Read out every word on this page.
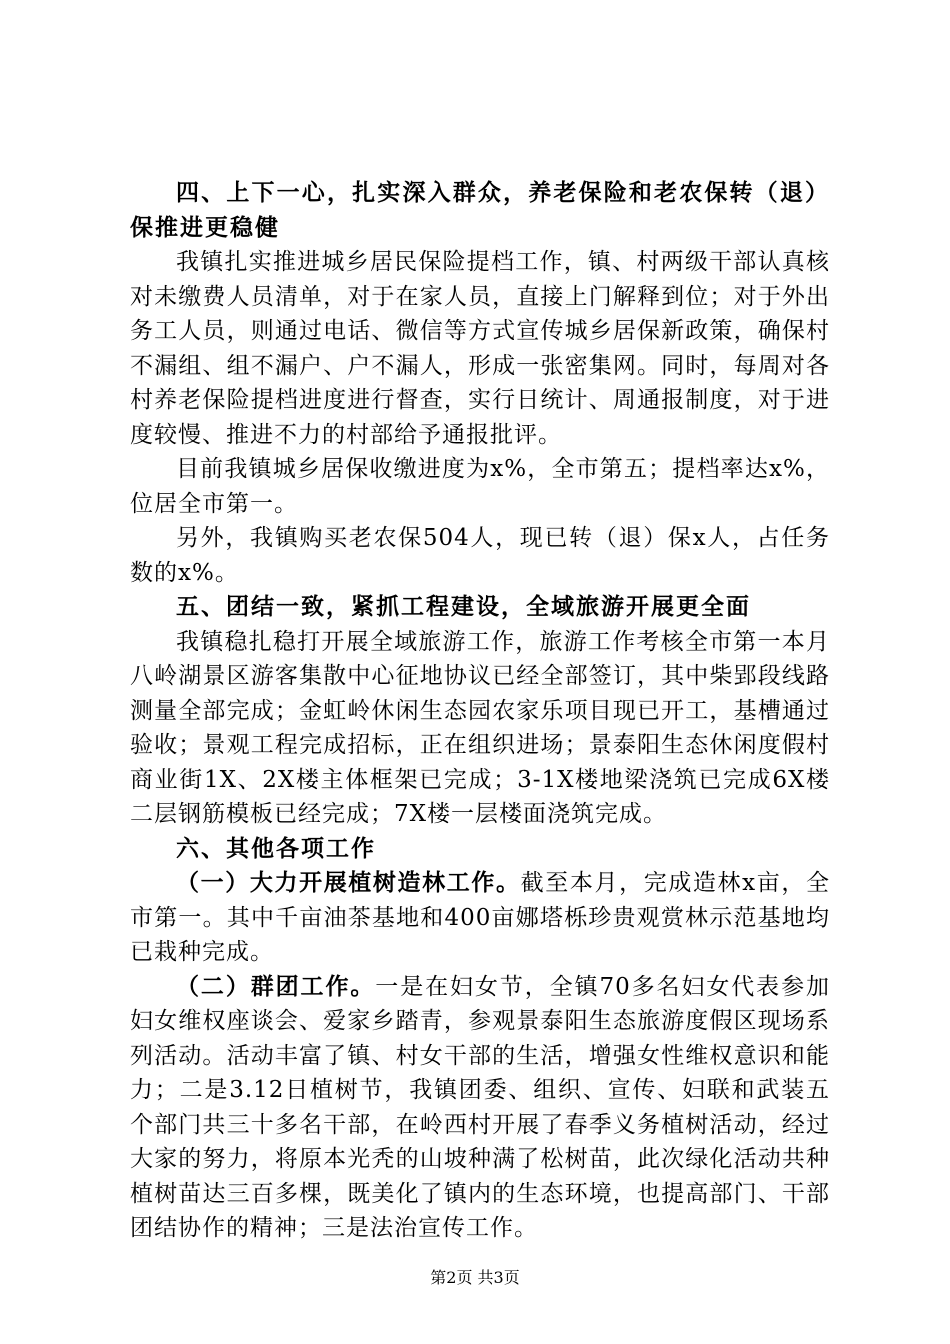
四、上下一心，扎实深入群众，养老保险和老农保转（退）保推进更稳健

我镇扎实推进城乡居民保险提档工作，镇、村两级干部认真核对未缴费人员清单，对于在家人员，直接上门解释到位；对于外出务工人员，则通过电话、微信等方式宣传城乡居保新政策，确保村不漏组、组不漏户、户不漏人，形成一张密集网。同时，每周对各村养老保险提档进度进行督查，实行日统计、周通报制度，对于进度较慢、推进不力的村部给予通报批评。

目前我镇城乡居保收缴进度为x%，全市第五；提档率达x%，位居全市第一。

另外，我镇购买老农保504人，现已转（退）保x人，占任务数的x%。

五、团结一致，紧抓工程建设，全域旅游开展更全面

我镇稳扎稳打开展全域旅游工作，旅游工作考核全市第一本月八岭湖景区游客集散中心征地协议已经全部签订，其中柴郢段线路测量全部完成；金虹岭休闲生态园农家乐项目现已开工，基槽通过验收；景观工程完成招标，正在组织进场；景泰阳生态休闲度假村商业街1X、2X楼主体框架已完成；3-1X楼地梁浇筑已完成6X楼二层钢筋模板已经完成；7X楼一层楼面浇筑完成。

六、其他各项工作

（一）大力开展植树造林工作。截至本月，完成造林x亩，全市第一。其中千亩油茶基地和400亩娜塔栎珍贵观赏林示范基地均已栽种完成。

（二）群团工作。一是在妇女节，全镇70多名妇女代表参加妇女维权座谈会、爱家乡踏青，参观景泰阳生态旅游度假区现场系列活动。活动丰富了镇、村女干部的生活，增强女性维权意识和能力；二是3.12日植树节，我镇团委、组织、宣传、妇联和武装五个部门共三十多名干部，在岭西村开展了春季义务植树活动，经过大家的努力，将原本光秃的山坡种满了松树苗，此次绿化活动共种植树苗达三百多棵，既美化了镇内的生态环境，也提高部门、干部团结协作的精神；三是法治宣传工作。

第2页 共3页
